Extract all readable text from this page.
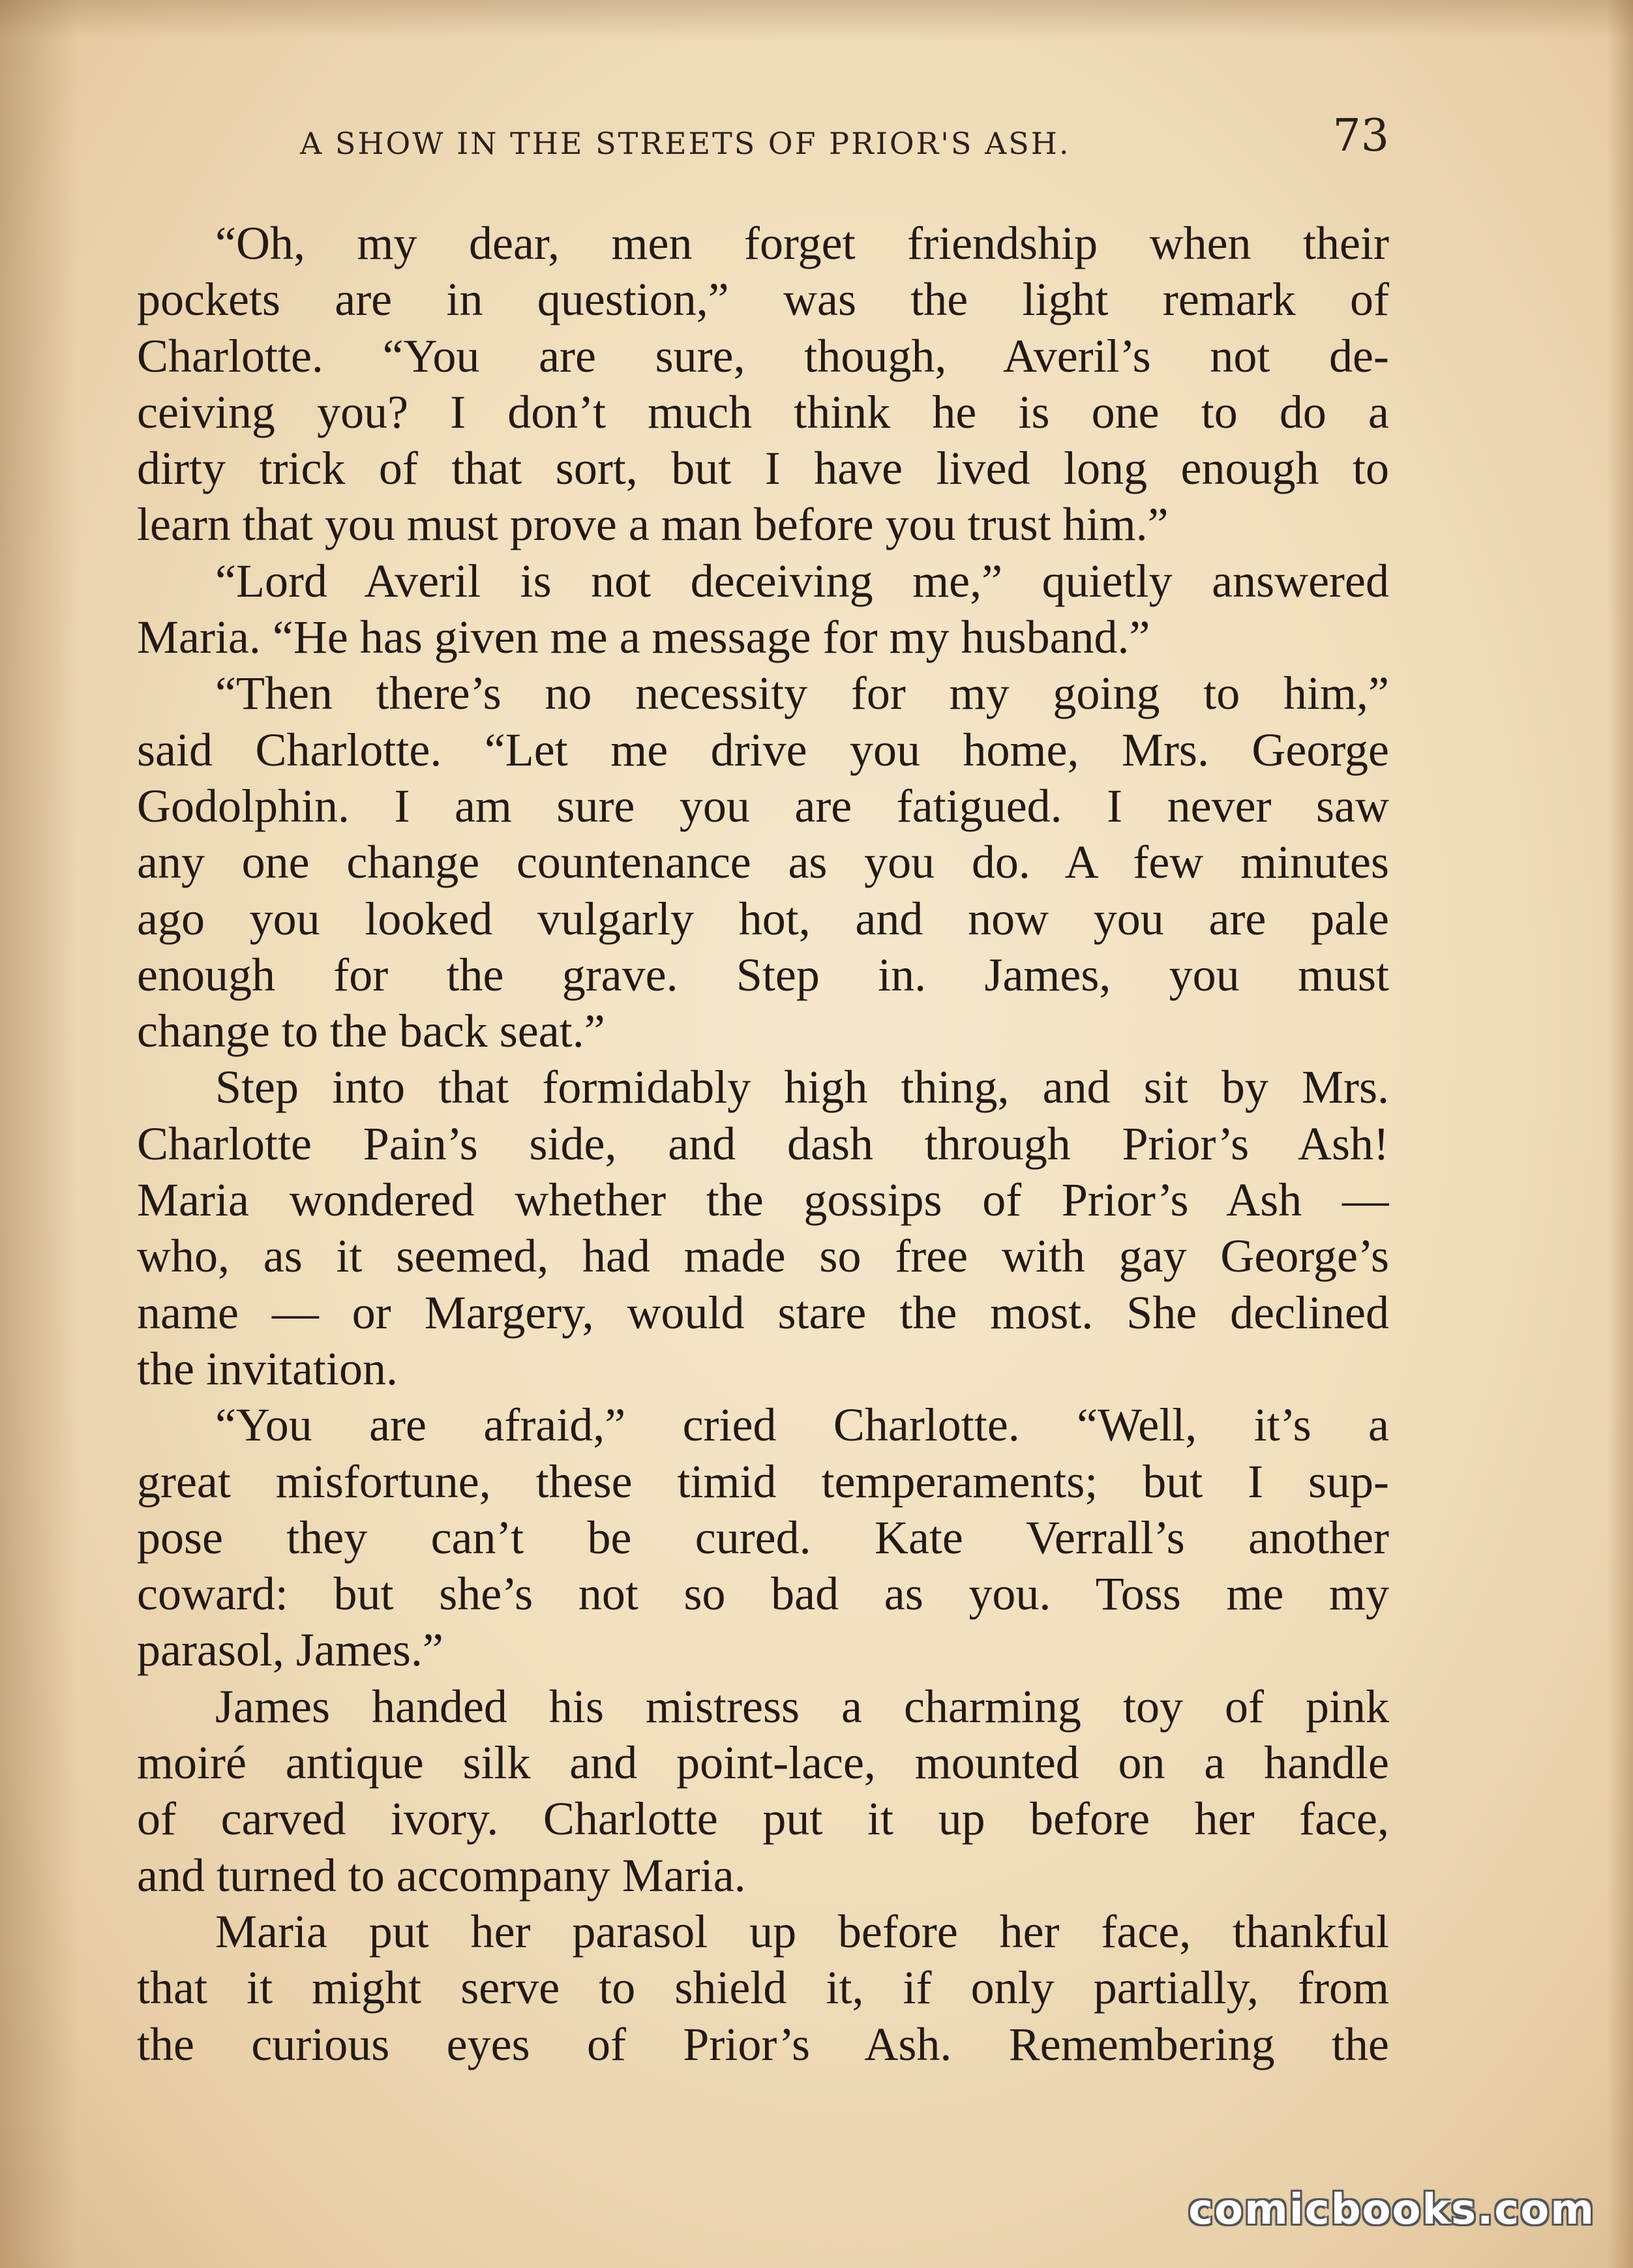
A SHOW IN THE STREETS OF PRIOR'S ASH.	73
“Oh, my dear, men forget friendship when their
pockets are in question,” was the light remark of
Charlotte. “You are sure, though, Averil’s not de-
ceiving you? I don’t much think he is one to do a
dirty trick of that sort, but I have lived long enough to
learn that you must prove a man before you trust him.”
“Lord Averil is not deceiving me,” quietly answered
Maria. “He has given me a message for my husband.”
“Then there’s no necessity for my going to him,”
said Charlotte. “Let me drive you home, Mrs. George
Godolphin. I am sure you are fatigued. I never saw
any one change countenance as you do. A few minutes
ago you looked vulgarly hot, and now you are pale
enough for the grave. Step in. James, you must
change to the back seat.”
Step into that formidably high thing, and sit by Mrs.
Charlotte Pain’s side, and dash through Prior’s Ash!
Maria wondered whether the gossips of Prior’s Ash —
who, as it seemed, had made so free with gay George’s
name — or Margery, would stare the most. She declined
the invitation.
“You are afraid,” cried Charlotte. “Well, it’s a
great misfortune, these timid temperaments; but I sup-
pose they can’t be cured. Kate Verrall’s another
coward: but she’s not so bad as you. Toss me my
parasol, James.”
James handed his mistress a charming toy of pink
moiré antique silk and point-lace, mounted on a handle
of carved ivory. Charlotte put it up before her face,
and turned to accompany Maria.
Maria put her parasol up before her face, thankful
that it might serve to shield it, if only partially, from
the curious eyes of Prior’s Ash. Remembering the
comicbooks.com
